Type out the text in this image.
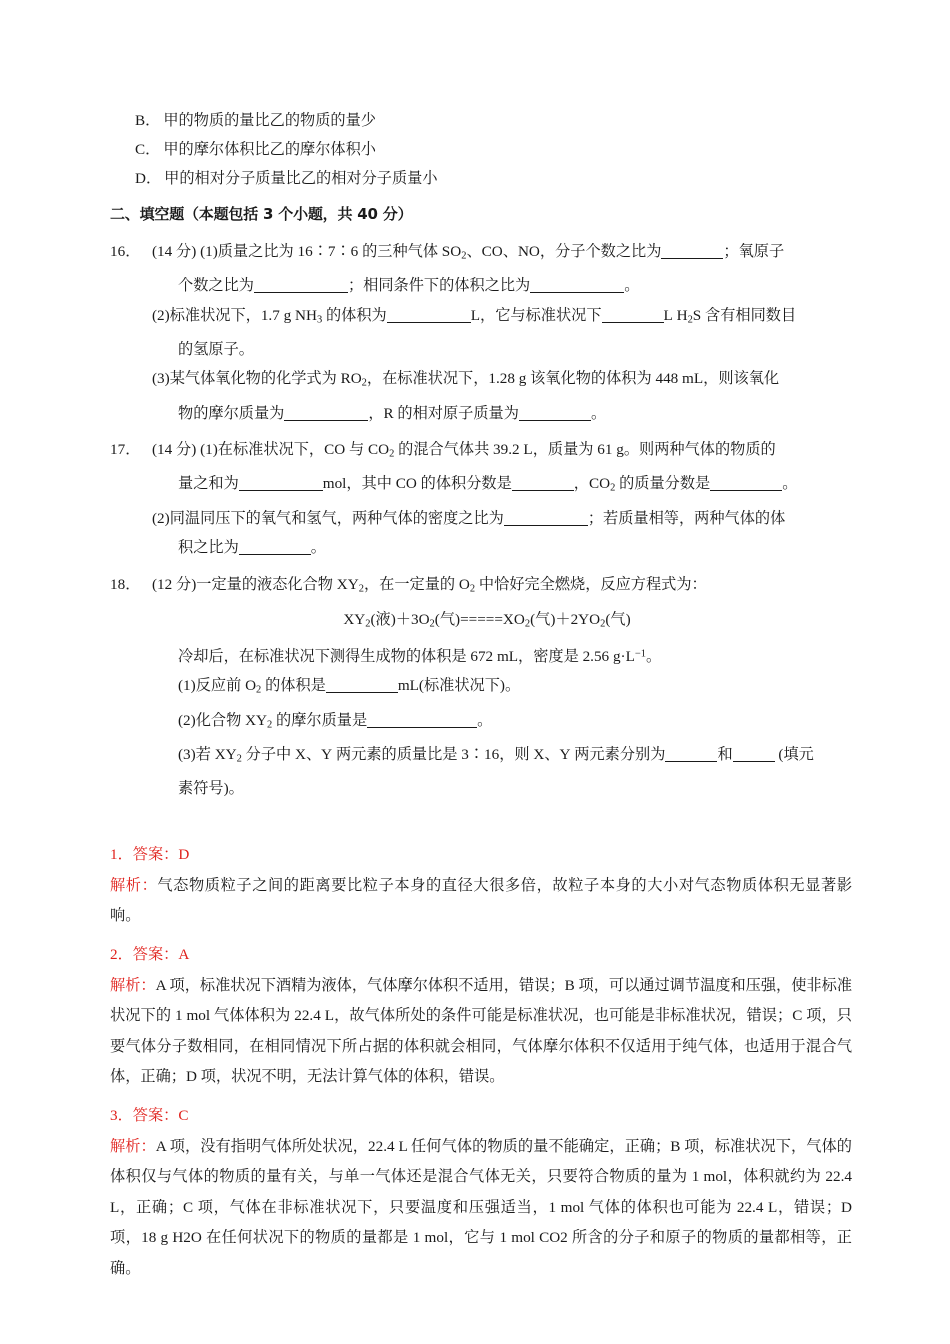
B． 甲的物质的量比乙的物质的量少
C． 甲的摩尔体积比乙的摩尔体积小
D． 甲的相对分子质量比乙的相对分子质量小
二、填空题（本题包括 3 个小题，共 40 分）
16． (14 分) (1)质量之比为 16∶7∶6 的三种气体 $SO_2$、CO、NO，分子个数之比为	；氧原子
个数之比为	；相同条件下的体积之比为	。
(2)标准状况下，1.7 g $NH_3$ 的体积为	L，它与标准状况下	L $H_2S$ 含有相同数目
的氢原子。
(3)某气体氧化物的化学式为 $RO_2$，在标准状况下，1.28 g 该氧化物的体积为 448 mL，则该氧化
物的摩尔质量为	，R 的相对原子质量为	。
17． (14 分) (1)在标准状况下，CO 与 $CO_2$ 的混合气体共 39.2 L，质量为 61 g。则两种气体的物质的
量之和为	mol，其中 CO 的体积分数是	，$CO_2$ 的质量分数是	。
(2)同温同压下的氧气和氢气，两种气体的密度之比为	；若质量相等，两种气体的体
积之比为	。
18． (12 分)一定量的液态化合物 $XY_2$，在一定量的 $O_2$ 中恰好完全燃烧，反应方程式为：
$XY_2$(液)$+3O_2$(气)$=====XO_2$(气)$+2YO_2$(气)
冷却后，在标准状况下测得生成物的体积是 672 mL，密度是 2.56 $g\cdot L^{-1}$。
(1)反应前 $O_2$ 的体积是	mL(标准状况下)。
(2)化合物 $XY_2$ 的摩尔质量是	。
(3)若 $XY_2$ 分子中 X、Y 两元素的质量比是 3∶16，则 X、Y 两元素分别为	和	(填元
素符号)。
1．答案：D
解析：气态物质粒子之间的距离要比粒子本身的直径大很多倍，故粒子本身的大小对气态物质体积无显著影响。
2．答案：A
解析：A 项，标准状况下酒精为液体，气体摩尔体积不适用，错误；B 项，可以通过调节温度和压强，使非标准状况下的 1 mol 气体体积为 22.4 L，故气体所处的条件可能是标准状况，也可能是非标准状况，错误；C 项，只要气体分子数相同，在相同情况下所占据的体积就会相同，气体摩尔体积不仅适用于纯气体，也适用于混合气体，正确；D 项，状况不明，无法计算气体的体积，错误。
3．答案：C
解析：A 项，没有指明气体所处状况，22.4 L 任何气体的物质的量不能确定，正确；B 项，标准状况下，气体的体积仅与气体的物质的量有关，与单一气体还是混合气体无关，只要符合物质的量为 1 mol，体积就约为 22.4 L，正确；C 项，气体在非标准状况下，只要温度和压强适当，1 mol 气体的体积也可能为 22.4 L，错误；D 项，18 g H2O 在任何状况下的物质的量都是 1 mol，它与 1 mol CO2 所含的分子和原子的物质的量都相等，正确。
